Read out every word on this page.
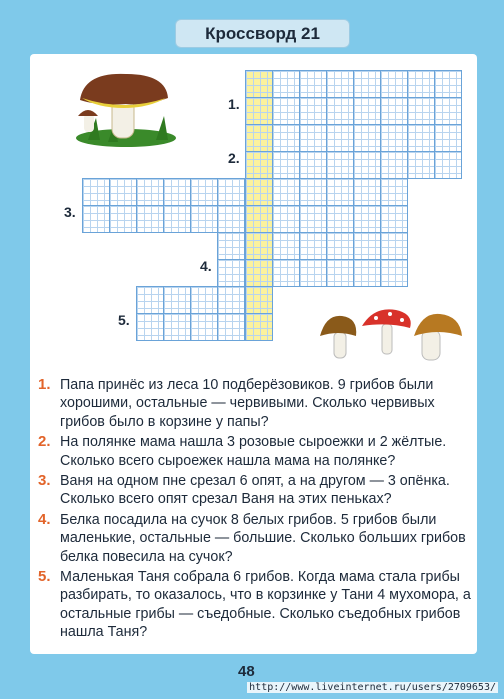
Кроссворд 21
1.
2.
3.
4.
5.
1. Папа принёс из леса 10 подберёзовиков. 9 грибов были хорошими, остальные — червивыми. Сколько червивых грибов было в корзине у папы?
2. На полянке мама нашла 3 розовые сыроежки и 2 жёлтые. Сколько всего сыроежек нашла мама на полянке?
3. Ваня на одном пне срезал 6 опят, а на другом — 3 опёнка. Сколько всего опят срезал Ваня на этих пеньках?
4. Белка посадила на сучок 8 белых грибов. 5 грибов были маленькие, остальные — большие. Сколько больших грибов белка повесила на сучок?
5. Маленькая Таня собрала 6 грибов. Когда мама стала грибы разбирать, то оказалось, что в корзинке у Тани 4 мухомора, а остальные грибы — съедобные. Сколько съедобных грибов нашла Таня?
48
http://www.liveinternet.ru/users/2709653/
